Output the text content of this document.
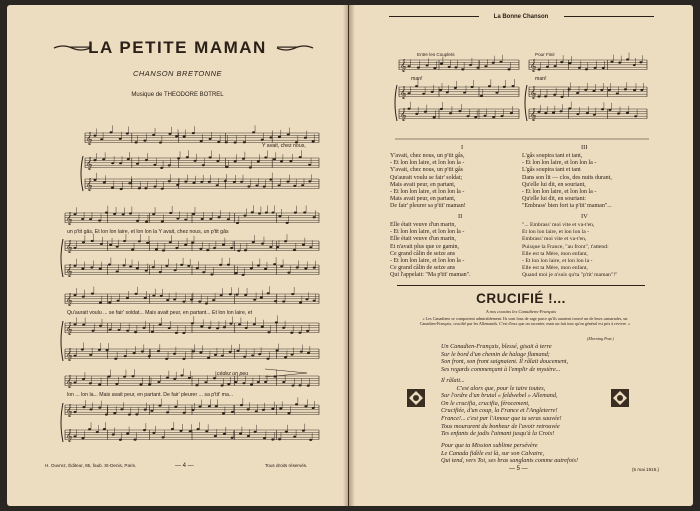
LA PETITE MAMAN
CHANSON BRETONNE
Musique de THEODORE BOTREL
𝄞
𝄞
𝄞
𝄞
𝄞
𝄞
𝄞
𝄞
𝄞
𝄞
𝄞
𝄞
Y avait, chez nous,
un p'tit gâs, Et lon lon laire, et lon lon la Y avait, chez nous, un p'tit gâs
Qu'aurait voulu ... se fair' soldat... Mais avait peur, en partant... Et lon lon laire, et
cédez un peu
lon ... lon la... Mais avait peur, en partant. De fair' pleurer ... sa p'tit' ma...
H. Ouvrez, Éditeur, 85, faub. St-Denis, Paris.	— 4 —	Tous droits réservés.
La Bonne Chanson
𝄞	𝄞
𝄞	𝄞
𝄞	𝄞
Entre les Couplets	Pour Finir
man!	man!
I
Y'avait, chez nous, un p'tit gâs,
- Et lon lon laire, et lon lon la -
Y'avait, chez nous, un p'tit gâs
Qu'aurait voulu se fair' soldat;
Mais avait peur, en partant,
- Et lon lon laire, et lon lon la -
Mais avait peur, en partant,
De fair' pleurer sa p'tit' maman!
II
Elle était veuve d'un marin,
- Et lon lon laire, et lon lon la -
Elle était veuve d'un marin,
Et n'avait plus que ce gamin,
Ce grand câlin de seize ans
- Et lon lon laire, et lon lon la -
Ce grand câlin de seize ans
Qui l'appelait: "Ma p'tit' maman".
III
L'gâs soupira tant et tant,
- Et lon lon laire, et lon lon la -
L'gâs soupira tant et tant
Dans son lit — clos, des nuits durant,
Qu'elle lui dit, en souriant,
- Et lon lon laire, et lon lon la -
Qu'elle lui dit, en souriant:
"Embrass' bien fort ta p'tit' maman"...
IV
"... Embrass' moi vite et va-t'en,
Et lon lon laire, et lon lon la -
Embrass' moi vite et va-t'en,
Puisque la France, "au front", t'attend:
Elle est ta Mère, mon enfant,
- Et lon lon laire, et lon lon la -
Elle est ta Mère, mon enfant,
Quand moi je n'suis qu'ta "p'tit' maman"!"
CRUCIFIÉ !...
A nos cousins les Canadiens-Français
« Les Canadiens se comportent admirablement. Ils sont fous de rage parce qu'ils auraient trouvé un de leurs camarades, un Canadien-Français, crucifié par les Allemands. C'est d'eux que on raconter, mais un fait tout qu'on général est pris à revivre. »
(Morning Post.)
Un Canadien-Français, blessé, gisait à terre
Sur le bord d'un chemin de halage flamand;
Son front, son front saignaient. Il râlait doucement,
Ses regards commençant à l'emplir de mystère...
Il râlait...
C'est alors que, pour le taire toutes,
Sur l'ordre d'un brutal « feldwebel » Allemand,
On le crucifia, crucifia, férocement,
Crucifiée, d'un coup, la France et l'Angleterre!
France!... c'est par l'Amour que tu seras sauvée!
Tous moururent du bonheur de l'avoir retrouvée
Tes enfants de jadis l'aimant jusqu'à la Croix!
Pour que ta Mission sublime persévère
Le Canada fidèle est là, sur son Calvaire,
Qui tend, vers Toi, ses bras sanglants comme autrefois!
— 5 —	(5 mai 1915.)
